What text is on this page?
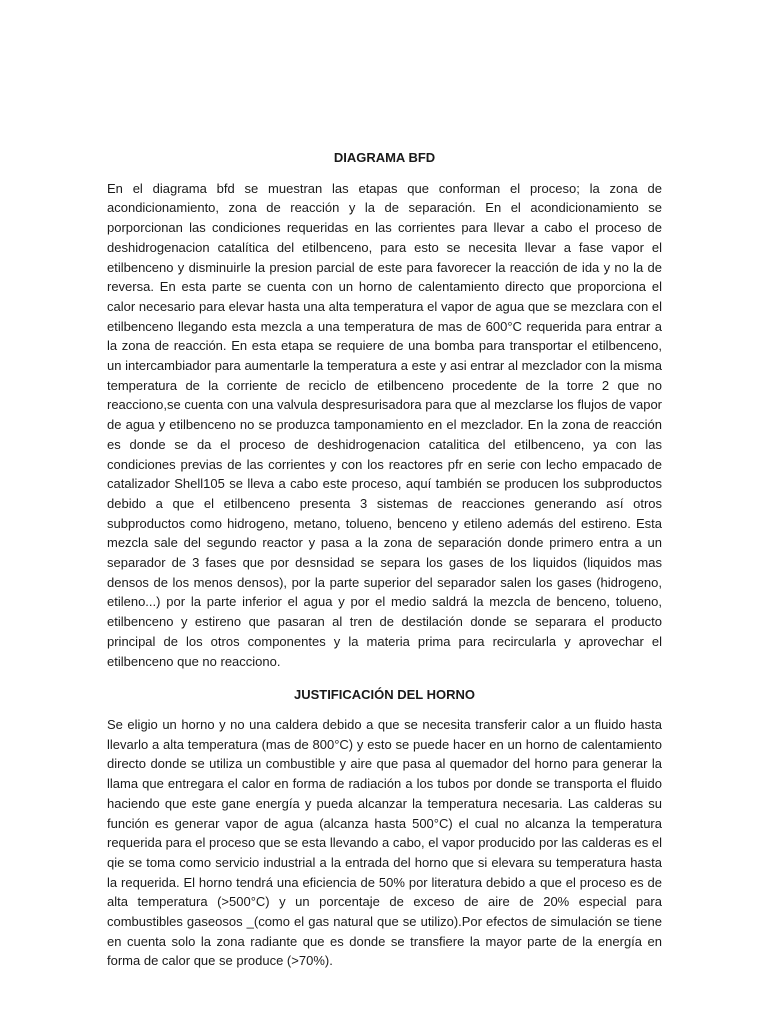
DIAGRAMA BFD

En el diagrama bfd se muestran las etapas que conforman el proceso; la zona de acondicionamiento, zona de reacción y la de separación. En el acondicionamiento se porporcionan las condiciones requeridas en las corrientes para llevar a cabo el proceso de deshidrogenacion catalítica del etilbenceno, para esto se necesita llevar a fase vapor el etilbenceno y disminuirle la presion parcial de este para favorecer la reacción de ida y no la de reversa. En esta parte se cuenta con un horno de calentamiento directo que proporciona el calor necesario para elevar hasta una alta temperatura el vapor de agua que se mezclara con el etilbenceno llegando esta mezcla a una temperatura de mas de 600°C requerida para entrar a la zona de reacción. En esta etapa se requiere de una bomba para transportar el etilbenceno, un intercambiador para aumentarle la temperatura a este y asi entrar al mezclador con la misma temperatura de la corriente de reciclo de etilbenceno procedente de la torre 2 que no reacciono,se cuenta con una valvula despresurisadora para que al mezclarse los flujos de vapor de agua y etilbenceno no se produzca tamponamiento en el mezclador. En la zona de reacción es donde se da el proceso de deshidrogenacion catalitica del etilbenceno, ya con las condiciones previas de las corrientes y con los reactores pfr en serie con lecho empacado de catalizador Shell105 se lleva a cabo este proceso, aquí también se producen los subproductos debido a que el etilbenceno presenta 3 sistemas de reacciones generando así otros subproductos como hidrogeno, metano, tolueno, benceno y etileno además del estireno. Esta mezcla sale del segundo reactor y pasa a la zona de separación donde primero entra a un separador de 3 fases que por desnsidad se separa los gases de los liquidos (liquidos mas densos de los menos densos), por la parte superior del separador salen los gases (hidrogeno, etileno...) por la parte inferior el agua y por el medio saldrá la mezcla de benceno, tolueno, etilbenceno y estireno que pasaran al tren de destilación donde se separara el producto principal de los otros componentes y la materia prima para recircularla y aprovechar el etilbenceno que no reacciono.

JUSTIFICACIÓN DEL HORNO

Se eligio un horno y no una caldera debido a que se necesita transferir calor a un fluido hasta llevarlo a alta temperatura (mas de 800°C) y esto se puede hacer en un horno de calentamiento directo donde se utiliza un combustible y aire que pasa al quemador del horno para generar la llama que entregara el calor en forma de radiación a los tubos por donde se transporta el fluido haciendo que este gane energía y pueda alcanzar la temperatura necesaria. Las calderas su función es generar vapor de agua (alcanza hasta 500°C) el cual no alcanza la temperatura requerida para el proceso que se esta llevando a cabo, el vapor producido por las calderas es el qie se toma como servicio industrial a la entrada del horno que si elevara su temperatura hasta la requerida. El horno tendrá una eficiencia de 50% por literatura debido a que el proceso es de alta temperatura (>500°C) y un porcentaje de exceso de aire de 20% especial para combustibles gaseosos _(como el gas natural que se utilizo).Por efectos de simulación se tiene en cuenta solo la zona radiante que es donde se transfiere la mayor parte de la energía en forma de calor que se produce (>70%).
